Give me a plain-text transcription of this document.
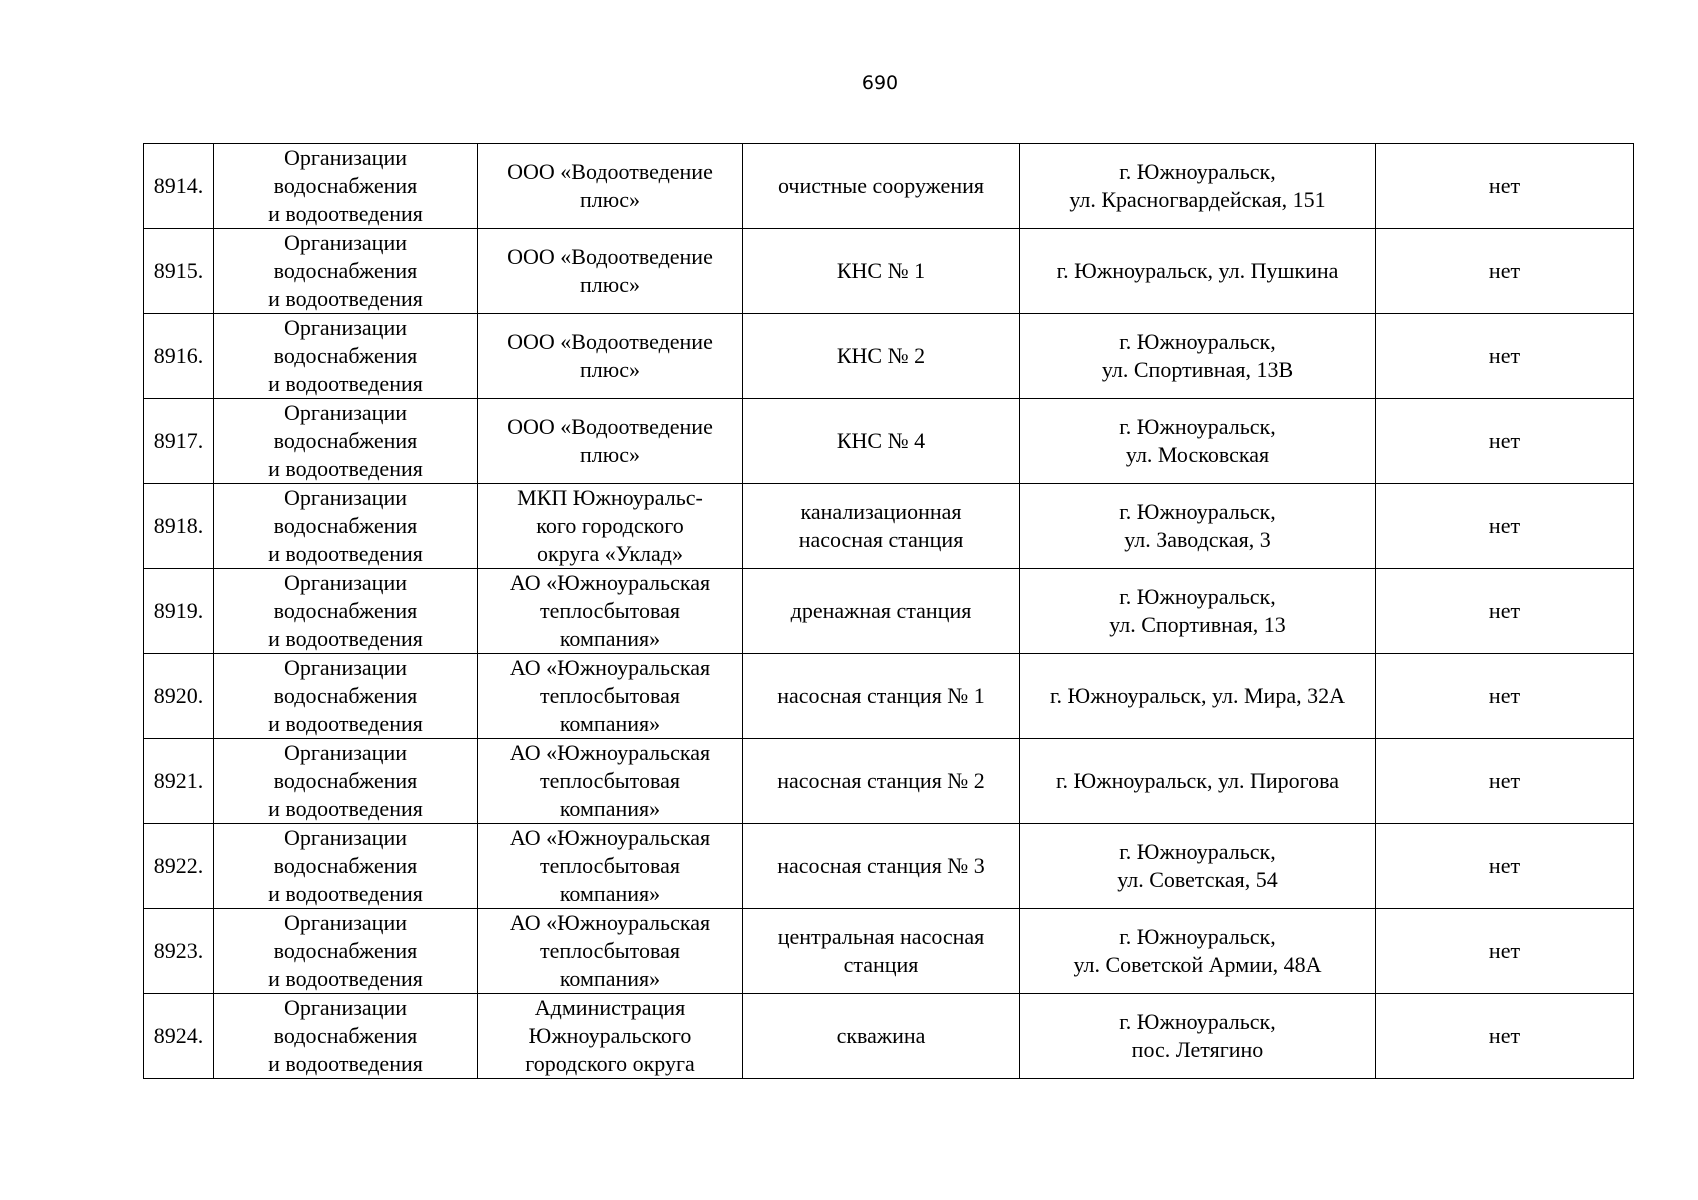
690
8914.	Организации
водоснабжения
и водоотведения	ООО «Водоотведение
плюс»	очистные сооружения	г. Южноуральск,
ул. Красногвардейская, 151	нет
8915.	Организации
водоснабжения
и водоотведения	ООО «Водоотведение
плюс»	КНС № 1	г. Южноуральск, ул. Пушкина	нет
8916.	Организации
водоснабжения
и водоотведения	ООО «Водоотведение
плюс»	КНС № 2	г. Южноуральск,
ул. Спортивная, 13В	нет
8917.	Организации
водоснабжения
и водоотведения	ООО «Водоотведение
плюс»	КНС № 4	г. Южноуральск,
ул. Московская	нет
8918.	Организации
водоснабжения
и водоотведения	МКП Южноуральс-
кого городского
округа «Уклад»	канализационная
насосная станция	г. Южноуральск,
ул. Заводская, 3	нет
8919.	Организации
водоснабжения
и водоотведения	АО «Южноуральская
теплосбытовая
компания»	дренажная станция	г. Южноуральск,
ул. Спортивная, 13	нет
8920.	Организации
водоснабжения
и водоотведения	АО «Южноуральская
теплосбытовая
компания»	насосная станция № 1	г. Южноуральск, ул. Мира, 32А	нет
8921.	Организации
водоснабжения
и водоотведения	АО «Южноуральская
теплосбытовая
компания»	насосная станция № 2	г. Южноуральск, ул. Пирогова	нет
8922.	Организации
водоснабжения
и водоотведения	АО «Южноуральская
теплосбытовая
компания»	насосная станция № 3	г. Южноуральск,
ул. Советская, 54	нет
8923.	Организации
водоснабжения
и водоотведения	АО «Южноуральская
теплосбытовая
компания»	центральная насосная
станция	г. Южноуральск,
ул. Советской Армии, 48А	нет
8924.	Организации
водоснабжения
и водоотведения	Администрация
Южноуральского
городского округа	скважина	г. Южноуральск,
пос. Летягино	нет
